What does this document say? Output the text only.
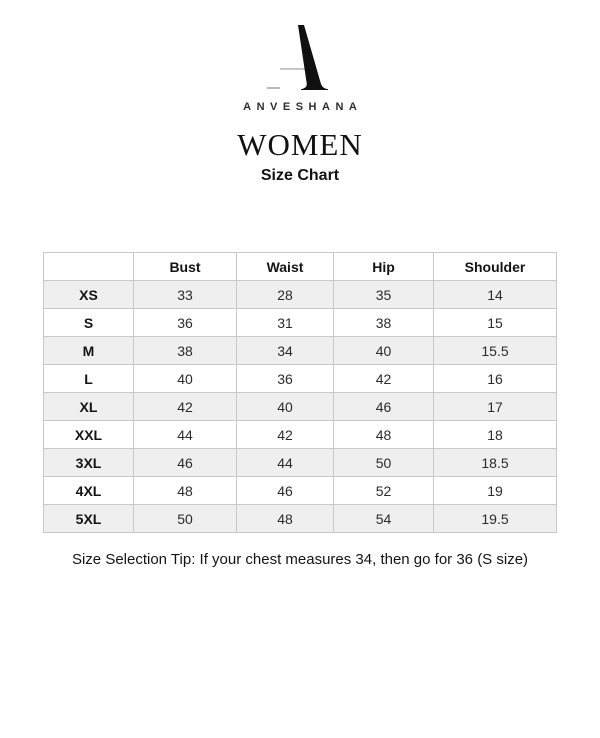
ANVESHANA
WOMEN
Size Chart
	Bust	Waist	Hip	Shoulder
XS	33	28	35	14
S	36	31	38	15
M	38	34	40	15.5
L	40	36	42	16
XL	42	40	46	17
XXL	44	42	48	18
3XL	46	44	50	18.5
4XL	48	46	52	19
5XL	50	48	54	19.5

Size Selection Tip: If your chest measures 34, then go for 36 (S size)
